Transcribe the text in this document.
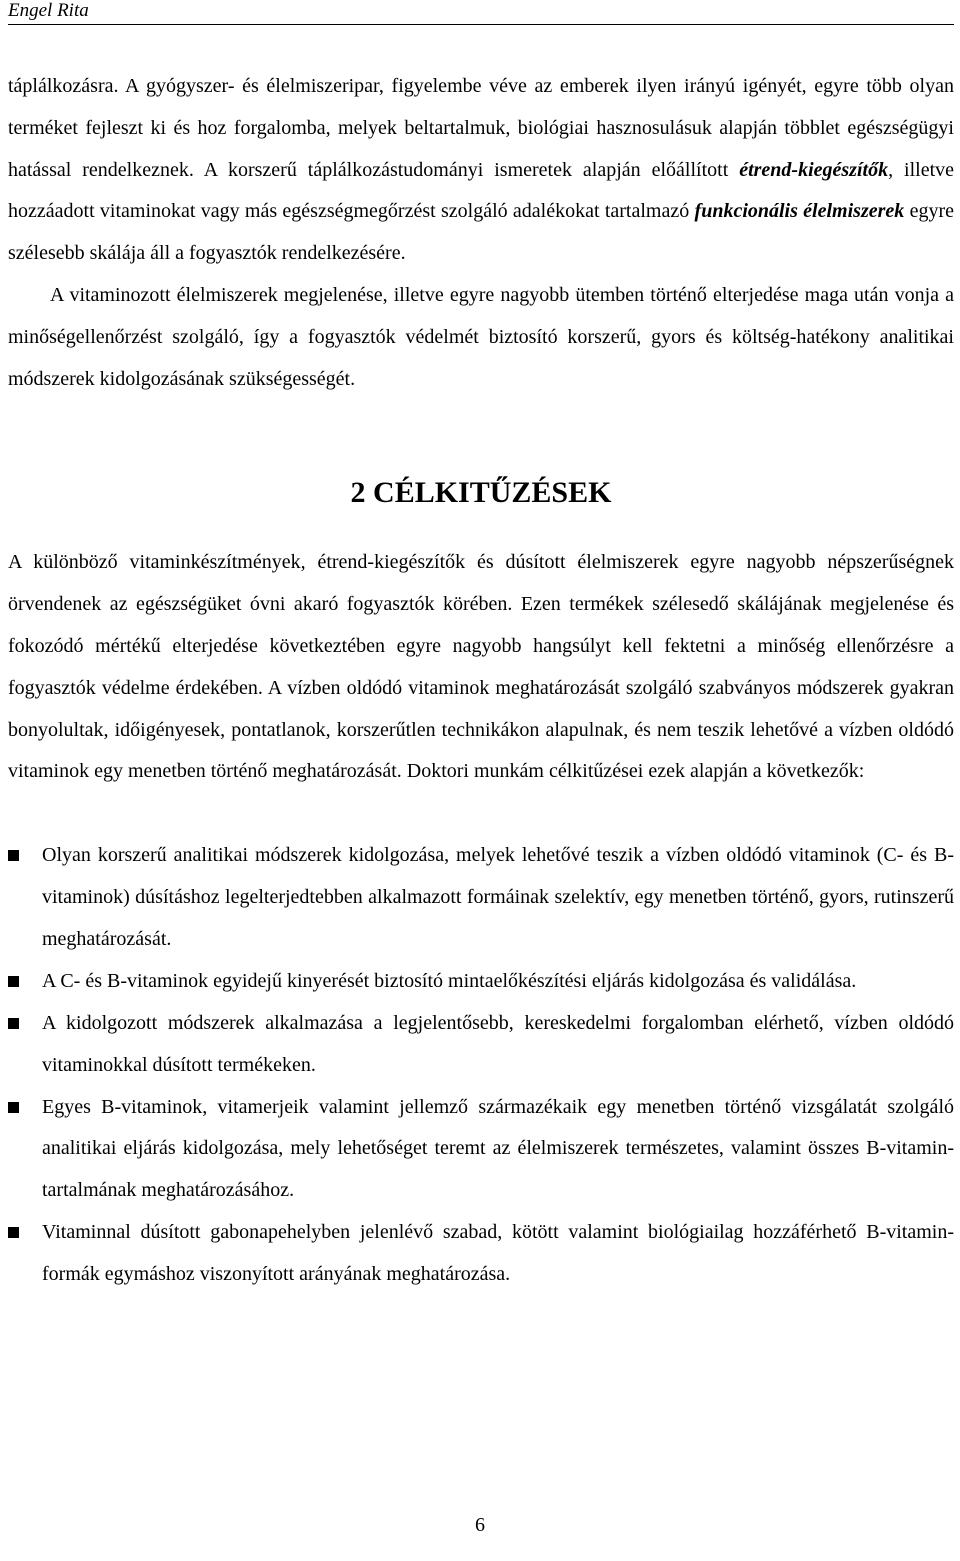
Engel Rita

táplálkozásra. A gyógyszer- és élelmiszeripar, figyelembe véve az emberek ilyen irányú igényét, egyre több olyan terméket fejleszt ki és hoz forgalomba, melyek beltartalmuk, biológiai hasznosulásuk alapján többlet egészségügyi hatással rendelkeznek. A korszerű táplálkozástudományi ismeretek alapján előállított étrend-kiegészítők, illetve hozzáadott vitaminokat vagy más egészségmegőrzést szolgáló adalékokat tartalmazó funkcionális élelmiszerek egyre szélesebb skálája áll a fogyasztók rendelkezésére.

A vitaminozott élelmiszerek megjelenése, illetve egyre nagyobb ütemben történő elterjedése maga után vonja a minőségellenőrzést szolgáló, így a fogyasztók védelmét biztosító korszerű, gyors és költség-hatékony analitikai módszerek kidolgozásának szükségességét.

2 CÉLKITŰZÉSEK

A különböző vitaminkészítmények, étrend-kiegészítők és dúsított élelmiszerek egyre nagyobb népszerűségnek örvendenek az egészségüket óvni akaró fogyasztók körében. Ezen termékek szélesedő skálájának megjelenése és fokozódó mértékű elterjedése következtében egyre nagyobb hangsúlyt kell fektetni a minőség ellenőrzésre a fogyasztók védelme érdekében. A vízben oldódó vitaminok meghatározását szolgáló szabványos módszerek gyakran bonyolultak, időigényesek, pontatlanok, korszerűtlen technikákon alapulnak, és nem teszik lehetővé a vízben oldódó vitaminok egy menetben történő meghatározását. Doktori munkám célkitűzései ezek alapján a következők:

Olyan korszerű analitikai módszerek kidolgozása, melyek lehetővé teszik a vízben oldódó vitaminok (C- és B-vitaminok) dúsításhoz legelterjedtebben alkalmazott formáinak szelektív, egy menetben történő, gyors, rutinszerű meghatározását.
A C- és B-vitaminok egyidejű kinyerését biztosító mintaelőkészítési eljárás kidolgozása és validálása.
A kidolgozott módszerek alkalmazása a legjelentősebb, kereskedelmi forgalomban elérhető, vízben oldódó vitaminokkal dúsított termékeken.
Egyes B-vitaminok, vitamerjeik valamint jellemző származékaik egy menetben történő vizsgálatát szolgáló analitikai eljárás kidolgozása, mely lehetőséget teremt az élelmiszerek természetes, valamint összes B-vitamin-tartalmának meghatározásához.
Vitaminnal dúsított gabonapehelyben jelenlévő szabad, kötött valamint biológiailag hozzáférhető B-vitamin-formák egymáshoz viszonyított arányának meghatározása.
6
